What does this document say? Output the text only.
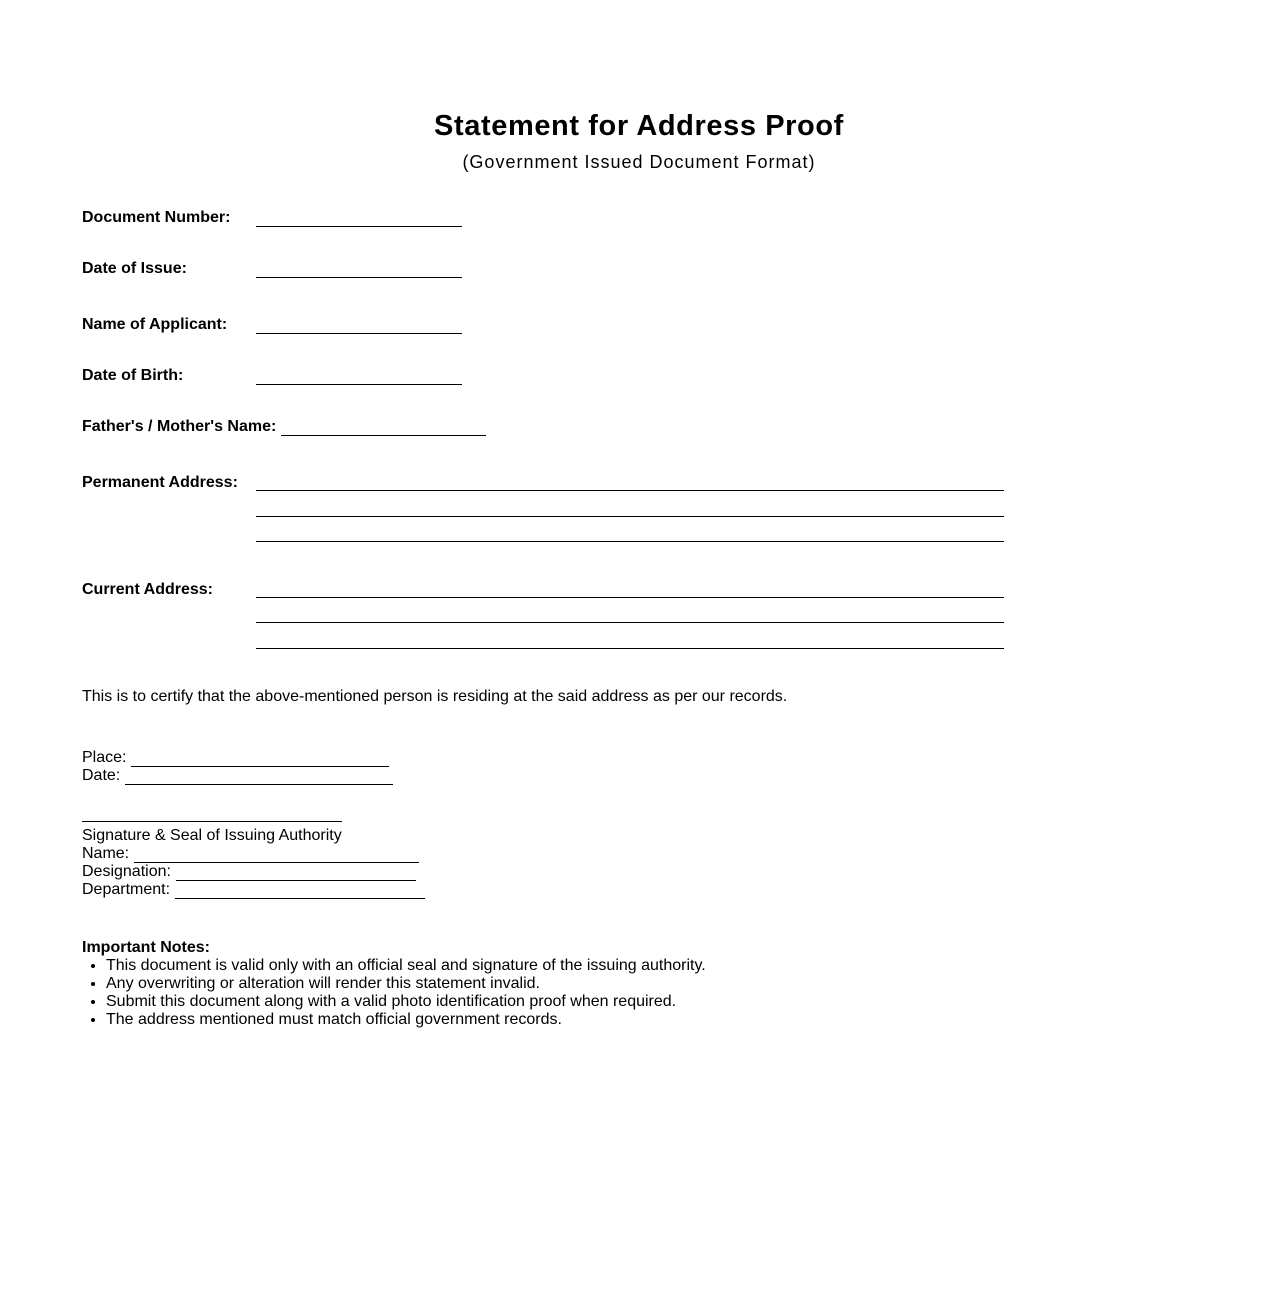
Statement for Address Proof
(Government Issued Document Format)
Document Number:
Date of Issue:
Name of Applicant:
Date of Birth:
Father's / Mother's Name:
Permanent Address:
Current Address:
This is to certify that the above-mentioned person is residing at the said address as per our records.
Place:
Date:
Signature & Seal of Issuing Authority
Name:
Designation:
Department:
Important Notes:
• This document is valid only with an official seal and signature of the issuing authority.
• Any overwriting or alteration will render this statement invalid.
• Submit this document along with a valid photo identification proof when required.
• The address mentioned must match official government records.
